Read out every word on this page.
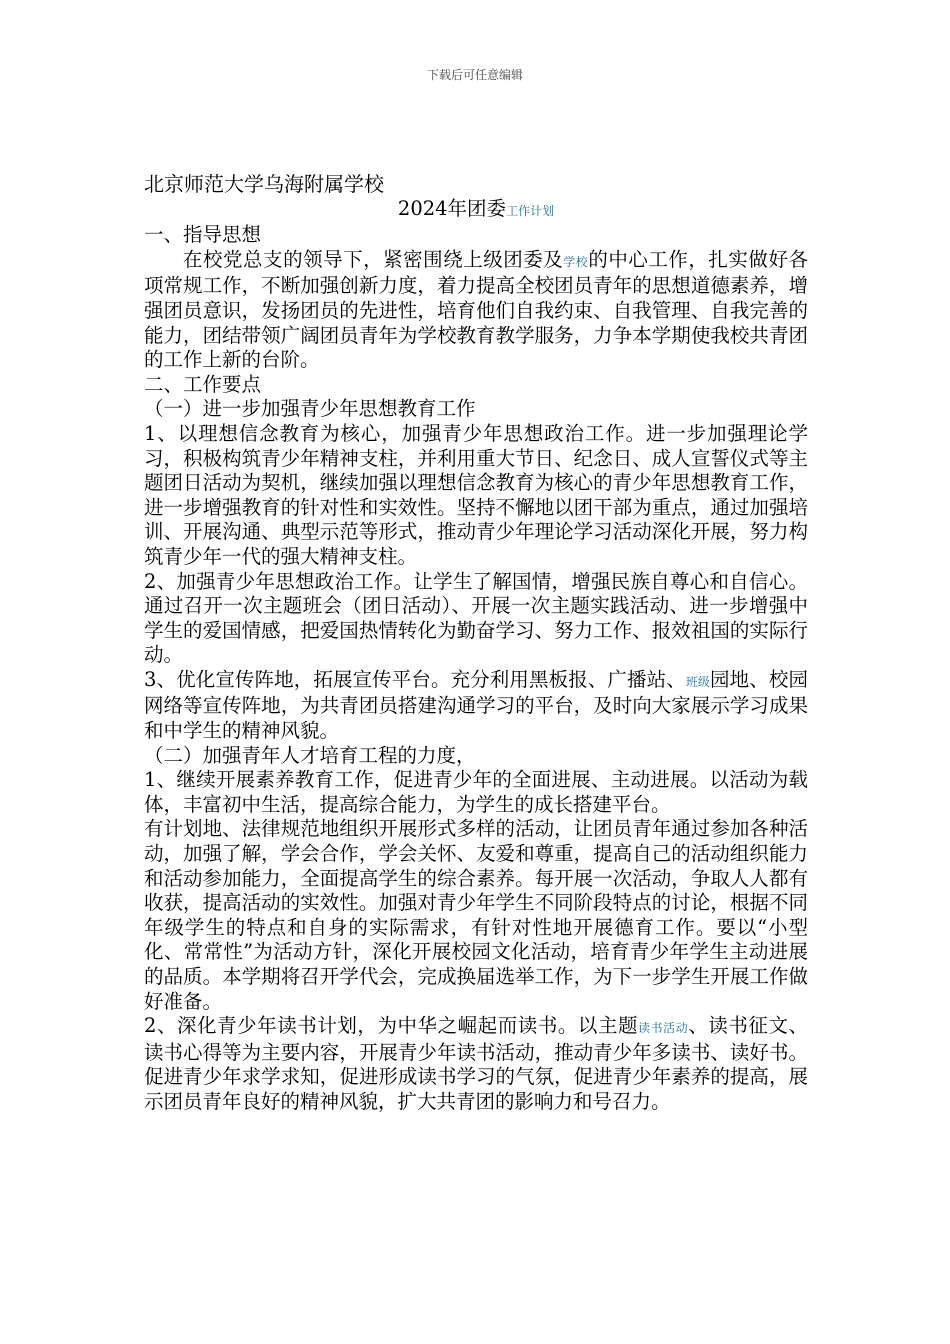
下载后可任意编辑

北京师范大学乌海附属学校

2024年团委工作计划

一、指导思想

在校党总支的领导下，紧密围绕上级团委及学校的中心工作，扎实做好各项常规工作，不断加强创新力度，着力提高全校团员青年的思想道德素养，增强团员意识，发扬团员的先进性，培育他们自我约束、自我管理、自我完善的能力，团结带领广阔团员青年为学校教育教学服务，力争本学期使我校共青团的工作上新的台阶。

二、工作要点

（一）进一步加强青少年思想教育工作

1、以理想信念教育为核心，加强青少年思想政治工作。进一步加强理论学习，积极构筑青少年精神支柱，并利用重大节日、纪念日、成人宣誓仪式等主题团日活动为契机，继续加强以理想信念教育为核心的青少年思想教育工作，进一步增强教育的针对性和实效性。坚持不懈地以团干部为重点，通过加强培训、开展沟通、典型示范等形式，推动青少年理论学习活动深化开展，努力构筑青少年一代的强大精神支柱。

2、加强青少年思想政治工作。让学生了解国情，增强民族自尊心和自信心。通过召开一次主题班会（团日活动）、开展一次主题实践活动、进一步增强中学生的爱国情感，把爱国热情转化为勤奋学习、努力工作、报效祖国的实际行动。

3、优化宣传阵地，拓展宣传平台。充分利用黑板报、广播站、班级园地、校园网络等宣传阵地，为共青团员搭建沟通学习的平台，及时向大家展示学习成果和中学生的精神风貌。

（二）加强青年人才培育工程的力度，

1、继续开展素养教育工作，促进青少年的全面进展、主动进展。以活动为载体，丰富初中生活，提高综合能力，为学生的成长搭建平台。

有计划地、法律规范地组织开展形式多样的活动，让团员青年通过参加各种活动，加强了解，学会合作，学会关怀、友爱和尊重，提高自己的活动组织能力和活动参加能力，全面提高学生的综合素养。每开展一次活动，争取人人都有收获，提高活动的实效性。加强对青少年学生不同阶段特点的讨论，根据不同年级学生的特点和自身的实际需求，有针对性地开展德育工作。要以“小型化、常常性”为活动方针，深化开展校园文化活动，培育青少年学生主动进展的品质。本学期将召开学代会，完成换届选举工作，为下一步学生开展工作做好准备。

2、深化青少年读书计划，为中华之崛起而读书。以主题读书活动、读书征文、读书心得等为主要内容，开展青少年读书活动，推动青少年多读书、读好书。促进青少年求学求知，促进形成读书学习的气氛，促进青少年素养的提高，展示团员青年良好的精神风貌，扩大共青团的影响力和号召力。
